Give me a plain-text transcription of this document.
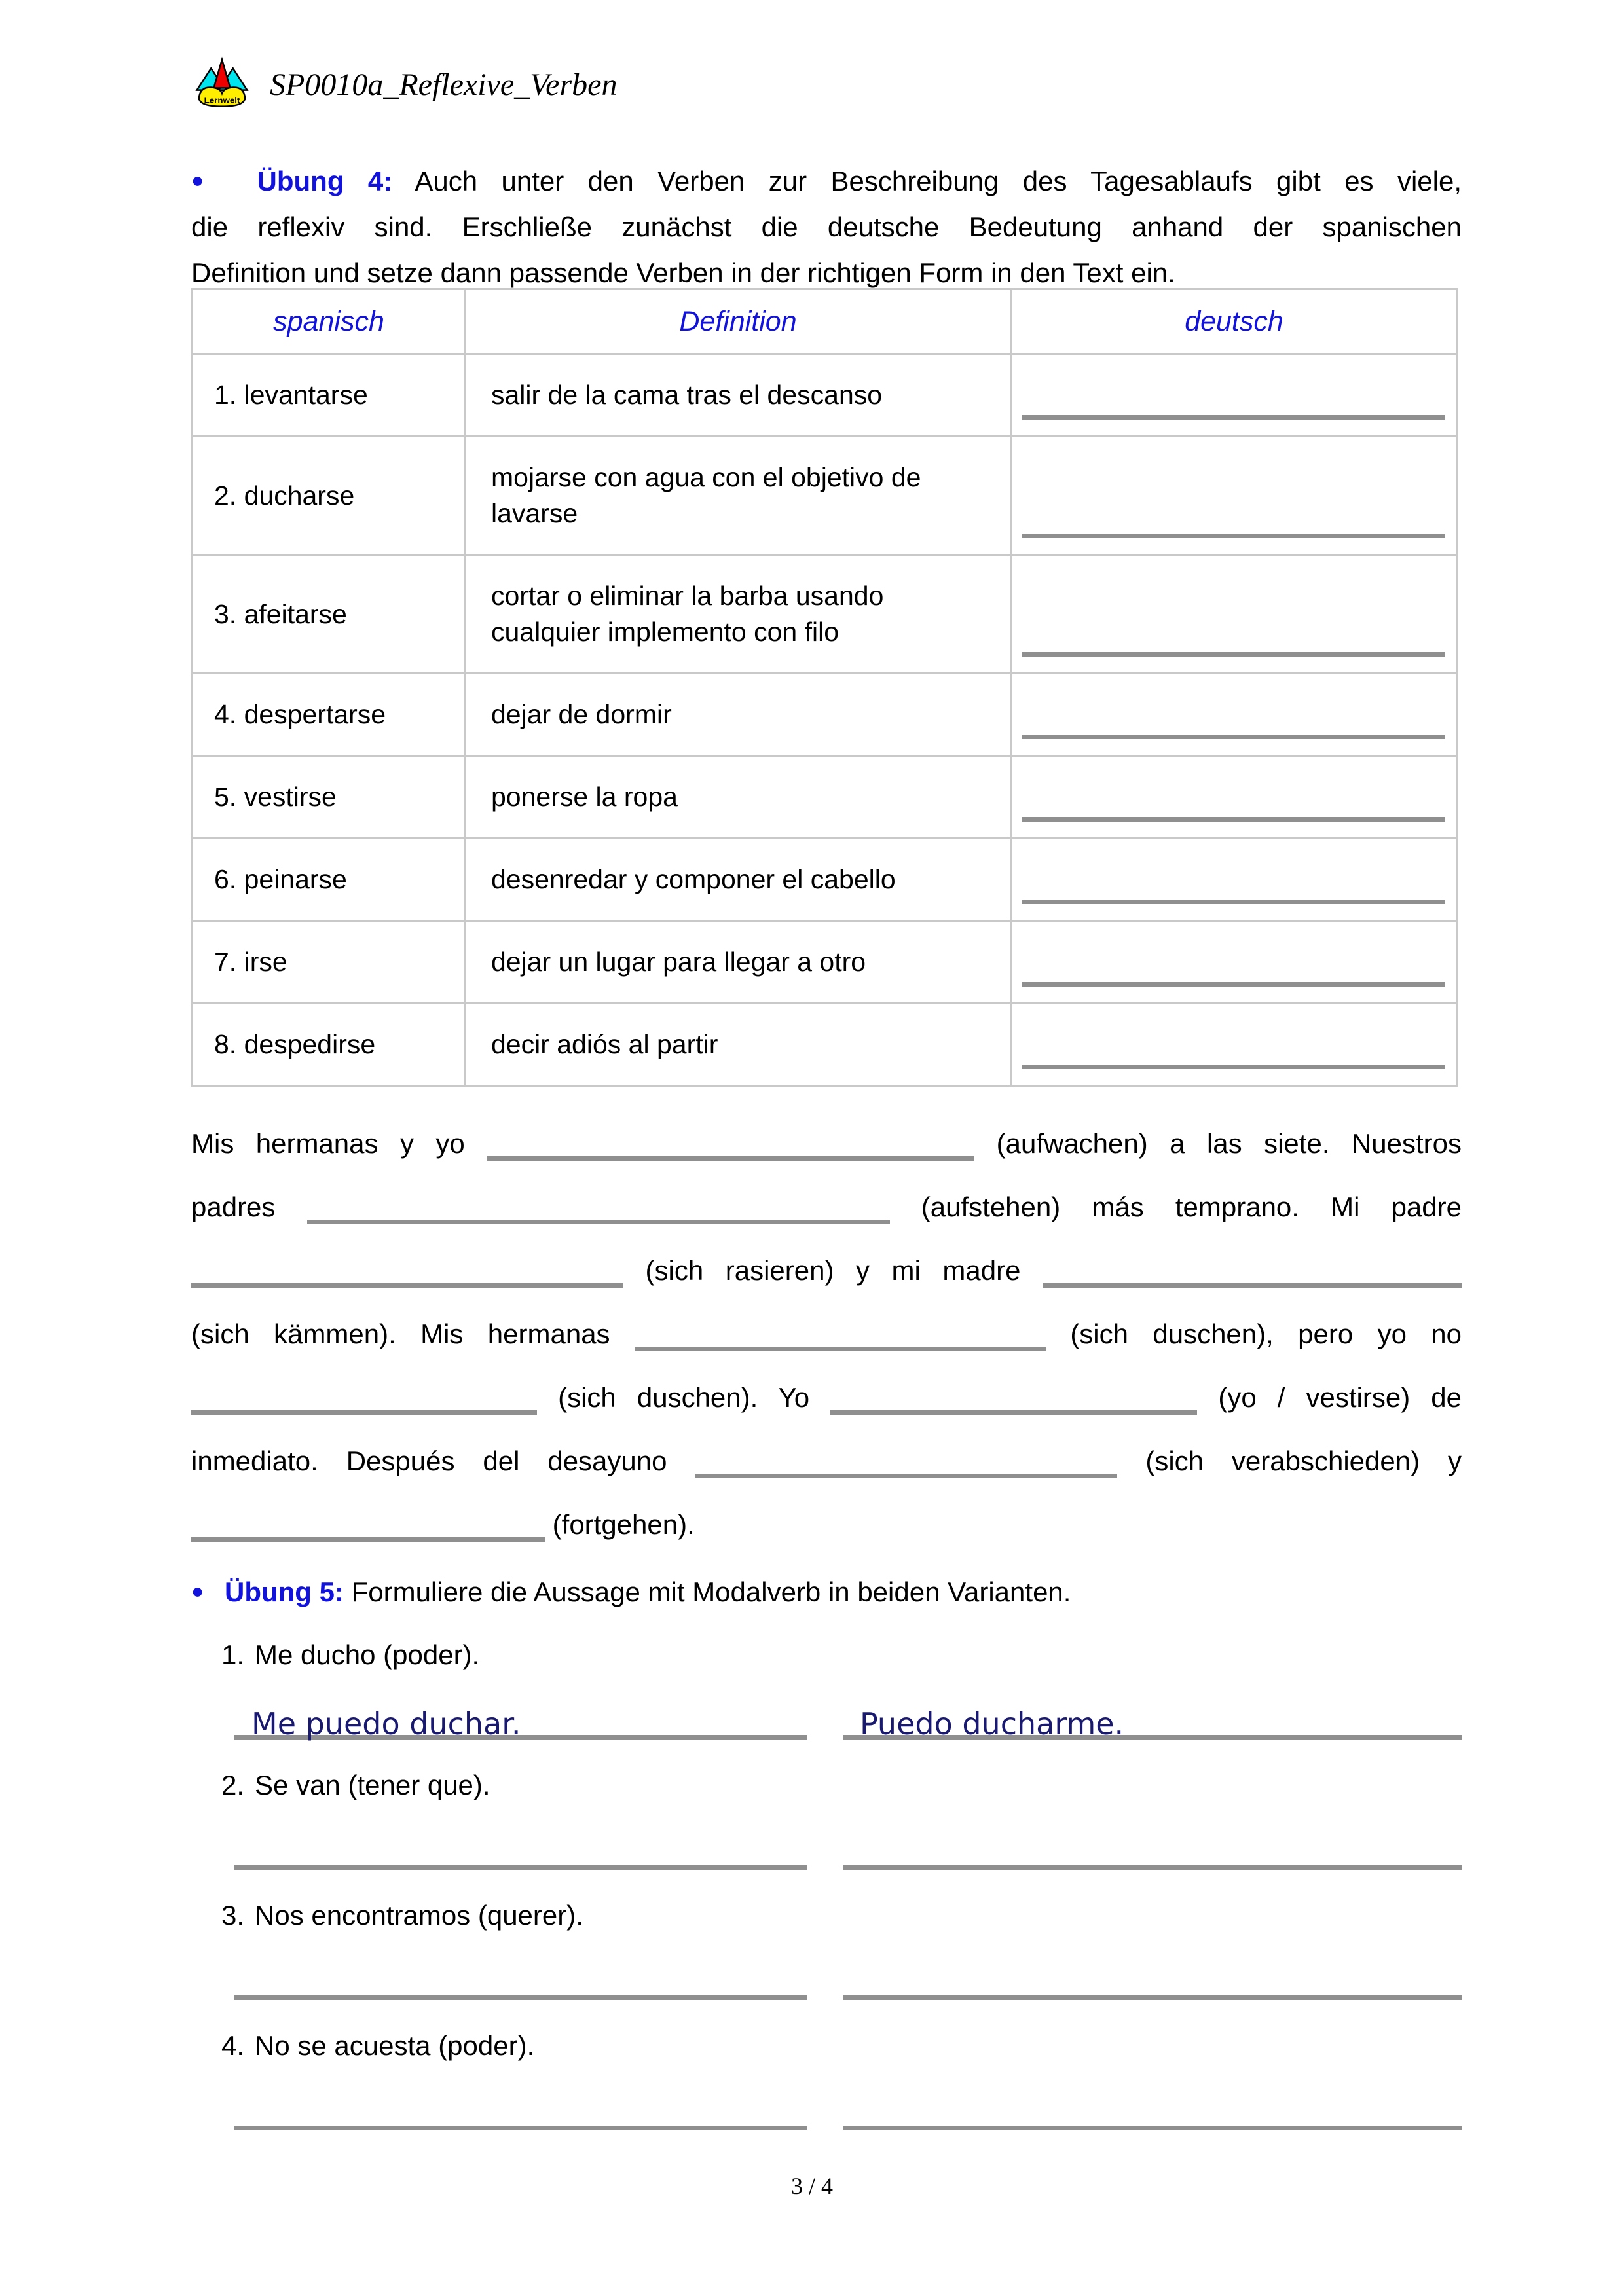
Lernwelt SP0010a_Reflexive_Verben
● Übung 4: Auch unter den Verben zur Beschreibung des Tagesablaufs gibt es viele,
die reflexiv sind. Erschließe zunächst die deutsche Bedeutung anhand der spanischen
Definition und setze dann passende Verben in der richtigen Form in den Text ein.
spanisch	Definition	deutsch
1. levantarse	salir de la cama tras el descanso	

2. ducharse	mojarse con agua con el objetivo de lavarse	

3. afeitarse	cortar o eliminar la barba usando cualquier implemento con filo	

4. despertarse	dejar de dormir	

5. vestirse	ponerse la ropa	

6. peinarse	desenredar y componer el cabello	

7. irse	dejar un lugar para llegar a otro	

8. despedirse	decir adiós al partir	
Mis hermanas y yo	(aufwachen) a las siete. Nuestros
padres	(aufstehen) más temprano. Mi padre
(sich rasieren) y mi madre
(sich kämmen). Mis hermanas	(sich duschen), pero yo no
(sich duschen). Yo	(yo / vestirse) de
inmediato. Después del desayuno	(sich verabschieden) y
(fortgehen).
● Übung 5: Formuliere die Aussage mit Modalverb in beiden Varianten.
1. Me ducho (poder).
Me puedo duchar.	Puedo ducharme.
2. Se van (tener que).
3. Nos encontramos (querer).
4. No se acuesta (poder).
3 / 4
